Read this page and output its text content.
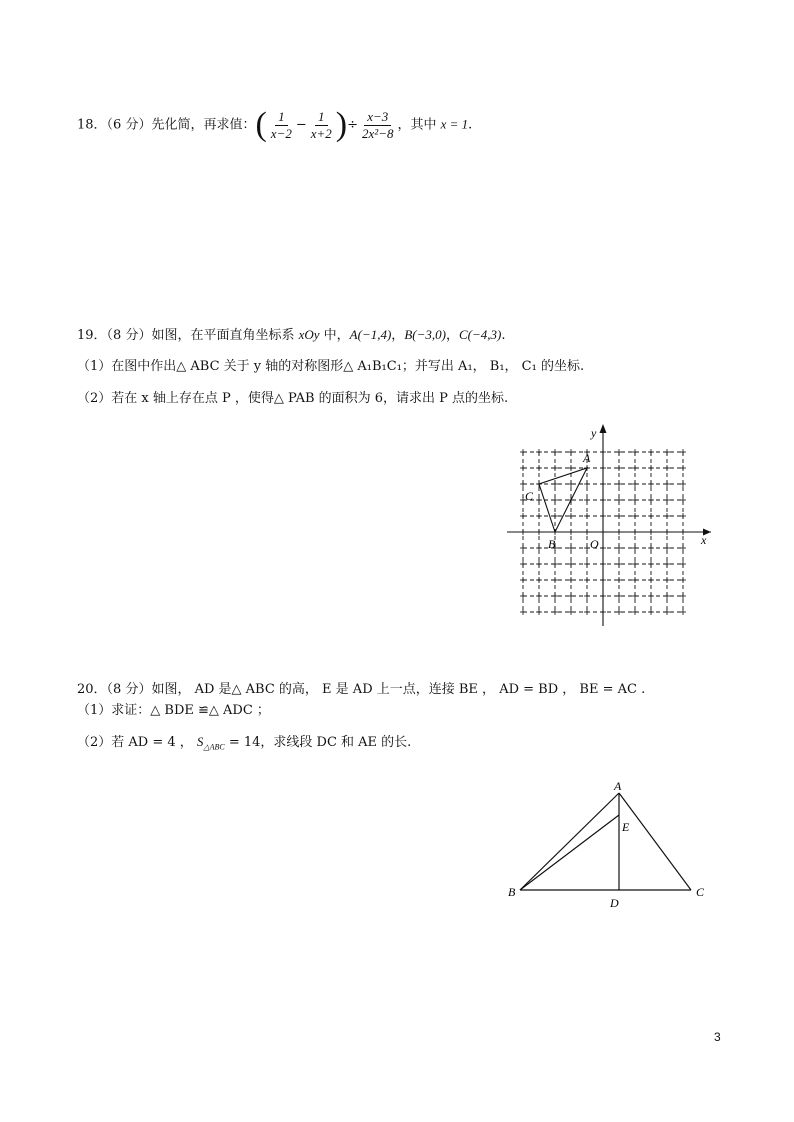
18．（6 分）先化简，再求值：( $\frac{1}{x-2} - \frac{1}{x+2}$ )÷ $\frac{x-3}{\text{2x²−8}}$ ，其中 x = 1.
19．（8 分）如图，在平面直角坐标系 xOy 中，A(−1,4)，B(−3,0)，C(−4,3).
（1）在图中作出△ ABC 关于 y 轴的对称图形△ A₁B₁C₁；并写出 A₁， B₁， C₁ 的坐标.
（2）若在 x 轴上存在点 P ，使得△ PAB 的面积为 6，请求出 P 点的坐标.
x
y
O
A
B
C
20．（8 分）如图， AD 是△ ABC 的高， E 是 AD 上一点，连接 BE ， AD = BD ， BE = AC .
（1）求证：△ BDE ≌△ ADC ；
（2）若 AD = 4 ， $S_{\triangle ABC} = 14$，求线段 DC 和 AE 的长.
A
B	C
D
E
3
